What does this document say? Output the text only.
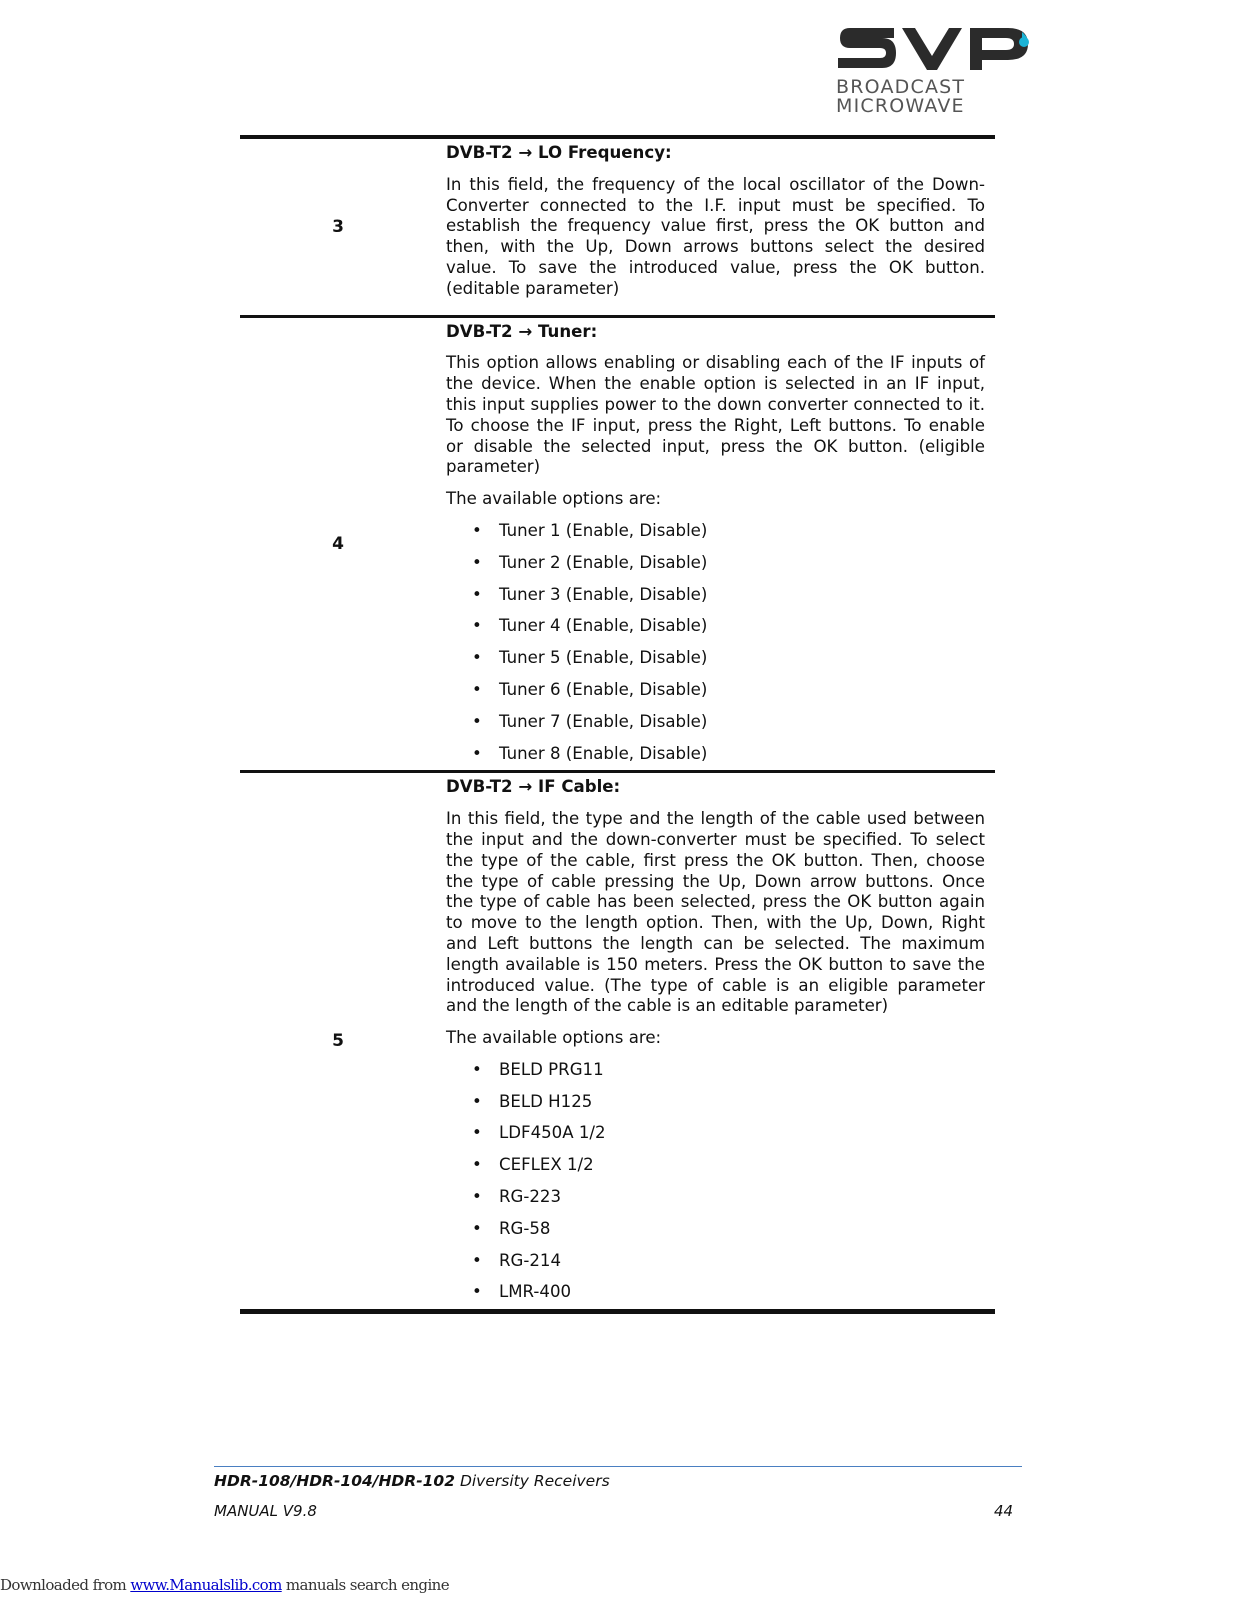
BROADCAST
MICROWAVE
3
DVB-T2 → LO Frequency:

In this field, the frequency of the local oscillator of the Down-Converter connected to the I.F. input must be specified. To establish the frequency value first, press the OK button and then, with the Up, Down arrows buttons select the desired value. To save the introduced value, press the OK button. (editable parameter)

4
DVB-T2 → Tuner:

This option allows enabling or disabling each of the IF inputs of the device. When the enable option is selected in an IF input, this input supplies power to the down converter connected to it. To choose the IF input, press the Right, Left buttons. To enable or disable the selected input, press the OK button. (eligible parameter)

The available options are:

• Tuner 1 (Enable, Disable)
• Tuner 2 (Enable, Disable)
• Tuner 3 (Enable, Disable)
• Tuner 4 (Enable, Disable)
• Tuner 5 (Enable, Disable)
• Tuner 6 (Enable, Disable)
• Tuner 7 (Enable, Disable)
• Tuner 8 (Enable, Disable)
5
DVB-T2 → IF Cable:

In this field, the type and the length of the cable used between the input and the down-converter must be specified. To select the type of the cable, first press the OK button. Then, choose the type of cable pressing the Up, Down arrow buttons. Once the type of cable has been selected, press the OK button again to move to the length option. Then, with the Up, Down, Right and Left buttons the length can be selected. The maximum length available is 150 meters. Press the OK button to save the introduced value. (The type of cable is an eligible parameter and the length of the cable is an editable parameter)

The available options are:

• BELD PRG11
• BELD H125
• LDF450A 1/2
• CEFLEX 1/2
• RG-223
• RG-58
• RG-214
• LMR-400
HDR-108/HDR-104/HDR-102 Diversity Receivers
MANUAL V9.8	44
Downloaded from www.Manualslib.com manuals search engine
